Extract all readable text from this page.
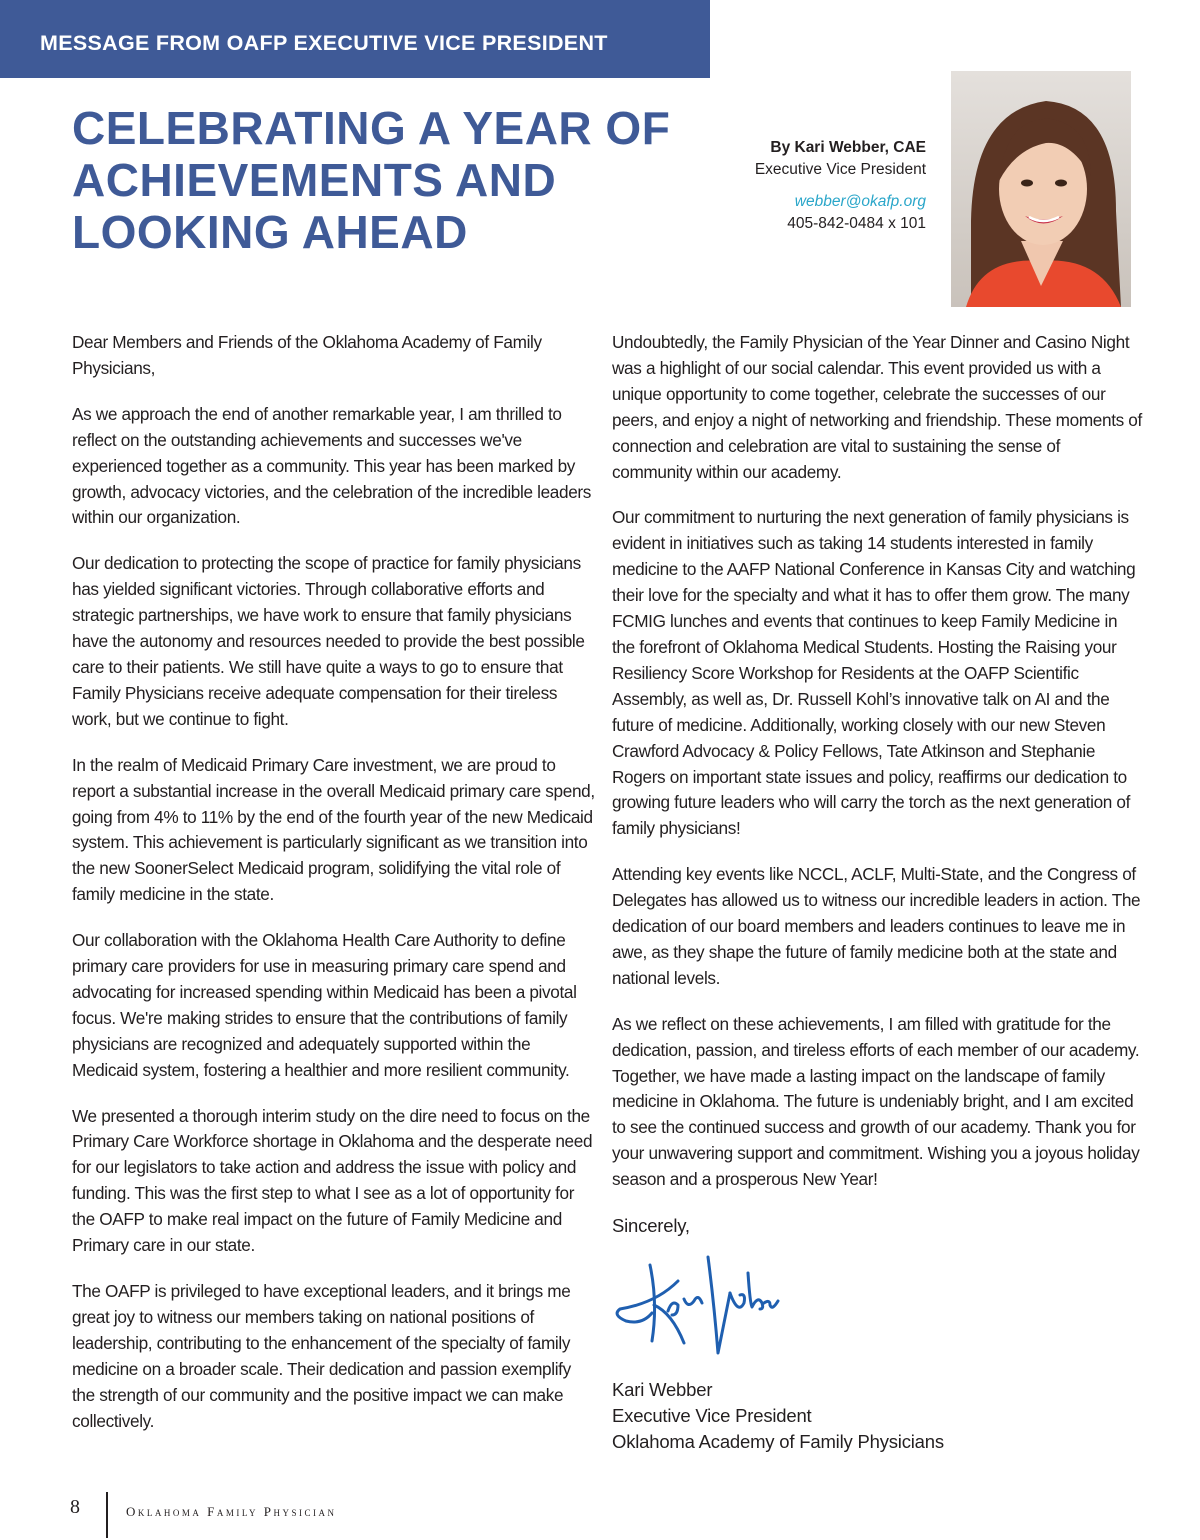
MESSAGE FROM OAFP EXECUTIVE VICE PRESIDENT
CELEBRATING A YEAR OF
ACHIEVEMENTS AND
LOOKING AHEAD
By Kari Webber, CAE
Executive Vice President
webber@okafp.org
405-842-0484 x 101

Dear Members and Friends of the Oklahoma Academy of Family Physicians,

As we approach the end of another remarkable year, I am thrilled to reflect on the outstanding achievements and successes we've experienced together as a community. This year has been marked by growth, advocacy victories, and the celebration of the incredible leaders within our organization.

Our dedication to protecting the scope of practice for family physicians has yielded significant victories. Through collaborative efforts and strategic partnerships, we have work to ensure that family physicians have the autonomy and resources needed to provide the best possible care to their patients. We still have quite a ways to go to ensure that Family Physicians receive adequate compensation for their tireless work, but we continue to fight.

In the realm of Medicaid Primary Care investment, we are proud to report a substantial increase in the overall Medicaid primary care spend, going from 4% to 11% by the end of the fourth year of the new Medicaid system. This achievement is particularly significant as we transition into the new SoonerSelect Medicaid program, solidifying the vital role of family medicine in the state.

Our collaboration with the Oklahoma Health Care Authority to define primary care providers for use in measuring primary care spend and advocating for increased spending within Medicaid has been a pivotal focus. We're making strides to ensure that the contributions of family physicians are recognized and adequately supported within the Medicaid system, fostering a healthier and more resilient community.

We presented a thorough interim study on the dire need to focus on the Primary Care Workforce shortage in Oklahoma and the desperate need for our legislators to take action and address the issue with policy and funding. This was the first step to what I see as a lot of opportunity for the OAFP to make real impact on the future of Family Medicine and Primary care in our state.

The OAFP is privileged to have exceptional leaders, and it brings me great joy to witness our members taking on national positions of leadership, contributing to the enhancement of the specialty of family medicine on a broader scale. Their dedication and passion exemplify the strength of our community and the positive impact we can make collectively.

Undoubtedly, the Family Physician of the Year Dinner and Casino Night was a highlight of our social calendar. This event provided us with a unique opportunity to come together, celebrate the successes of our peers, and enjoy a night of networking and friendship. These moments of connection and celebration are vital to sustaining the sense of community within our academy.

Our commitment to nurturing the next generation of family physicians is evident in initiatives such as taking 14 students interested in family medicine to the AAFP National Conference in Kansas City and watching their love for the specialty and what it has to offer them grow. The many FCMIG lunches and events that continues to keep Family Medicine in the forefront of Oklahoma Medical Students. Hosting the Raising your Resiliency Score Workshop for Residents at the OAFP Scientific Assembly, as well as, Dr. Russell Kohl’s innovative talk on AI and the future of medicine. Additionally, working closely with our new Steven Crawford Advocacy & Policy Fellows, Tate Atkinson and Stephanie Rogers on important state issues and policy, reaffirms our dedication to growing future leaders who will carry the torch as the next generation of family physicians!

Attending key events like NCCL, ACLF, Multi-State, and the Congress of Delegates has allowed us to witness our incredible leaders in action. The dedication of our board members and leaders continues to leave me in awe, as they shape the future of family medicine both at the state and national levels.

As we reflect on these achievements, I am filled with gratitude for the dedication, passion, and tireless efforts of each member of our academy. Together, we have made a lasting impact on the landscape of family medicine in Oklahoma. The future is undeniably bright, and I am excited to see the continued success and growth of our academy. Thank you for your unwavering support and commitment. Wishing you a joyous holiday season and a prosperous New Year!

Sincerely,
Kari Webber
Kari Webber
Executive Vice President
Oklahoma Academy of Family Physicians
8	Oklahoma Family Physician
